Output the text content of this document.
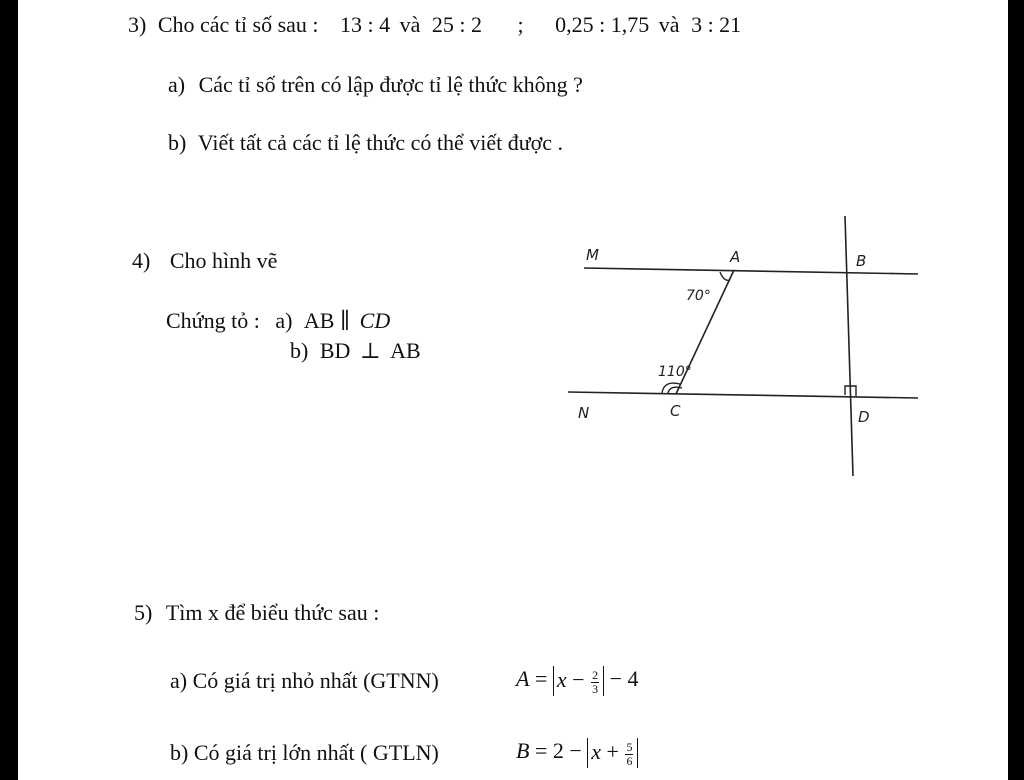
3) Cho các tỉ số sau : 13 : 4 và 25 : 2 ; 0,25 : 1,75 và 3 : 21
a) Các tỉ số trên có lập được tỉ lệ thức không ?
b) Viết tất cả các tỉ lệ thức có thể viết được .
4) Cho hình vẽ
Chứng tỏ : a) AB ∥ CD
b) BD ⊥ AB
M	A	B
N	C	D
70°
110°
5) Tìm x để biểu thức sau :
a) Có giá trị nhỏ nhất (GTNN)	$A = x - \frac{2}{3} - 4$
b) Có giá trị lớn nhất ( GTLN)	$B = 2 - x + \frac{5}{6}$
